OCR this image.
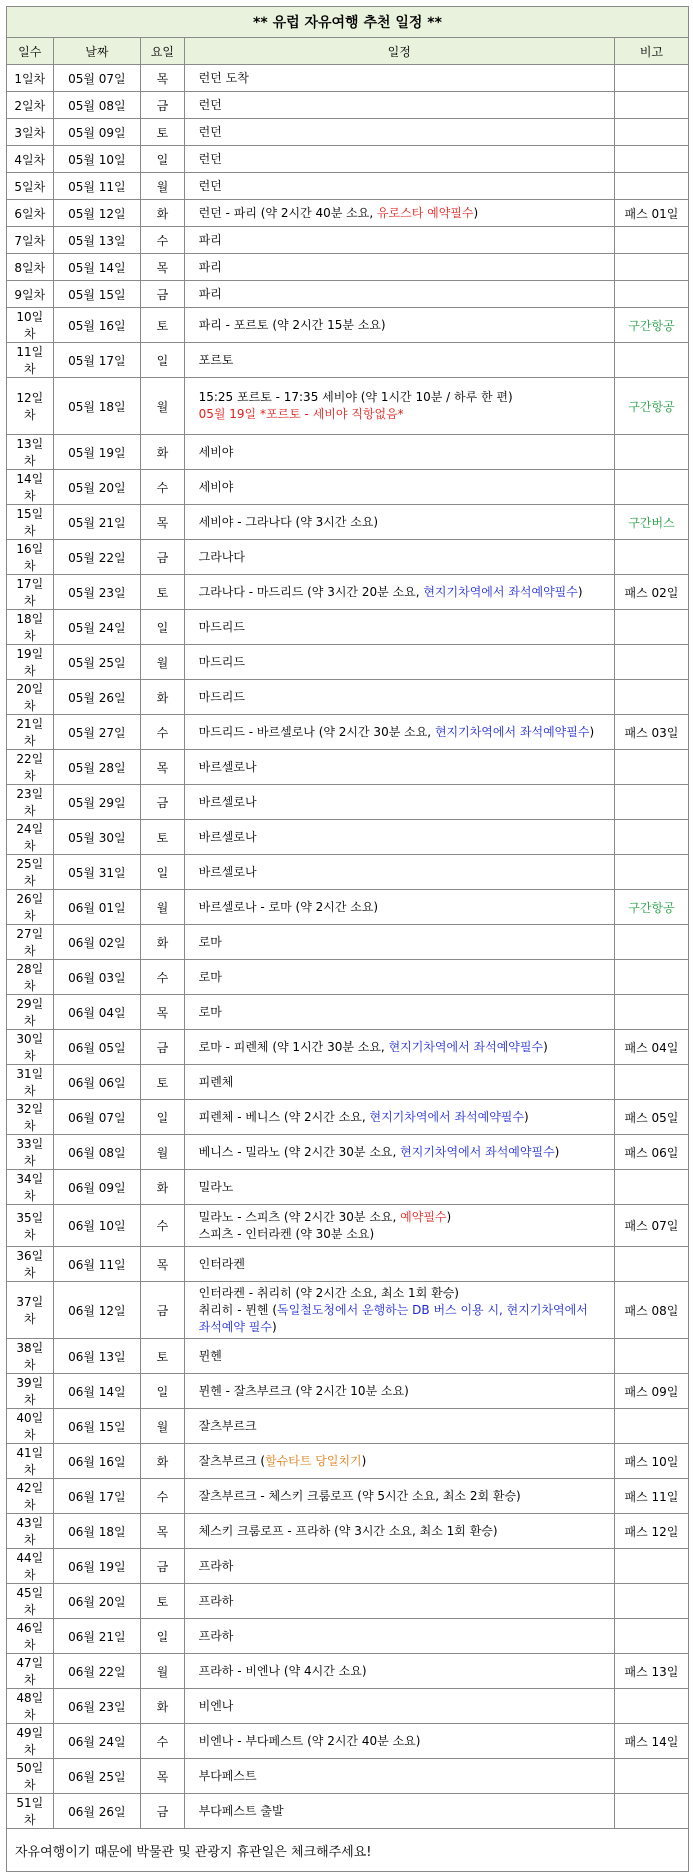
** 유럽 자유여행 추천 일정 **				
일수	날짜	요일	일정	비고
1일차	05월 07일	목	런던 도착	

2일차	05월 08일	금	런던	

3일차	05월 09일	토	런던	

4일차	05월 10일	일	런던	

5일차	05월 11일	월	런던	

6일차	05월 12일	화	런던 - 파리 (약 2시간 40분 소요, 유로스타 예약필수)	패스 01일
7일차	05월 13일	수	파리	

8일차	05월 14일	목	파리	

9일차	05월 15일	금	파리	

10일차	05월 16일	토	파리 - 포르토 (약 2시간 15분 소요)	구간항공
11일차	05월 17일	일	포르토	

12일차	05월 18일	월	15:25 포르토 - 17:35 세비야 (약 1시간 10분 / 하루 한 편)
05월 19일 *포르토 - 세비야 직항없음*	구간항공
13일차	05월 19일	화	세비야	

14일차	05월 20일	수	세비야	

15일차	05월 21일	목	세비야 - 그라나다 (약 3시간 소요)	구간버스
16일차	05월 22일	금	그라나다	

17일차	05월 23일	토	그라나다 - 마드리드 (약 3시간 20분 소요, 현지기차역에서 좌석예약필수)	패스 02일
18일차	05월 24일	일	마드리드	

19일차	05월 25일	월	마드리드	

20일차	05월 26일	화	마드리드	

21일차	05월 27일	수	마드리드 - 바르셀로나 (약 2시간 30분 소요, 현지기차역에서 좌석예약필수)	패스 03일
22일차	05월 28일	목	바르셀로나	

23일차	05월 29일	금	바르셀로나	

24일차	05월 30일	토	바르셀로나	

25일차	05월 31일	일	바르셀로나	

26일차	06월 01일	월	바르셀로나 - 로마 (약 2시간 소요)	구간항공
27일차	06월 02일	화	로마	

28일차	06월 03일	수	로마	

29일차	06월 04일	목	로마	

30일차	06월 05일	금	로마 - 피렌체 (약 1시간 30분 소요, 현지기차역에서 좌석예약필수)	패스 04일
31일차	06월 06일	토	피렌체	

32일차	06월 07일	일	피렌체 - 베니스 (약 2시간 소요, 현지기차역에서 좌석예약필수)	패스 05일
33일차	06월 08일	월	베니스 - 밀라노 (약 2시간 30분 소요, 현지기차역에서 좌석예약필수)	패스 06일
34일차	06월 09일	화	밀라노	

35일차	06월 10일	수	밀라노 - 스피츠 (약 2시간 30분 소요, 예약필수)
스피츠 - 인터라켄 (약 30분 소요)	패스 07일
36일차	06월 11일	목	인터라켄	

37일차	06월 12일	금	인터라켄 - 취리히 (약 2시간 소요, 최소 1회 환승)
취리히 - 뮌헨 (독일철도청에서 운행하는 DB 버스 이용 시, 현지기차역에서
좌석예약 필수)	패스 08일
38일차	06월 13일	토	뮌헨	

39일차	06월 14일	일	뮌헨 - 잘츠부르크 (약 2시간 10분 소요)	패스 09일
40일차	06월 15일	월	잘츠부르크	

41일차	06월 16일	화	잘츠부르크 (할슈타트 당일치기)	패스 10일
42일차	06월 17일	수	잘츠부르크 - 체스키 크룸로프 (약 5시간 소요, 최소 2회 환승)	패스 11일
43일차	06월 18일	목	체스키 크룸로프 - 프라하 (약 3시간 소요, 최소 1회 환승)	패스 12일
44일차	06월 19일	금	프라하	

45일차	06월 20일	토	프라하	

46일차	06월 21일	일	프라하	

47일차	06월 22일	월	프라하 - 비엔나 (약 4시간 소요)	패스 13일
48일차	06월 23일	화	비엔나	

49일차	06월 24일	수	비엔나 - 부다페스트 (약 2시간 40분 소요)	패스 14일
50일차	06월 25일	목	부다페스트	

51일차	06월 26일	금	부다페스트 출발	

자유여행이기 때문에 박물관 및 관광지 휴관일은 체크해주세요!				
